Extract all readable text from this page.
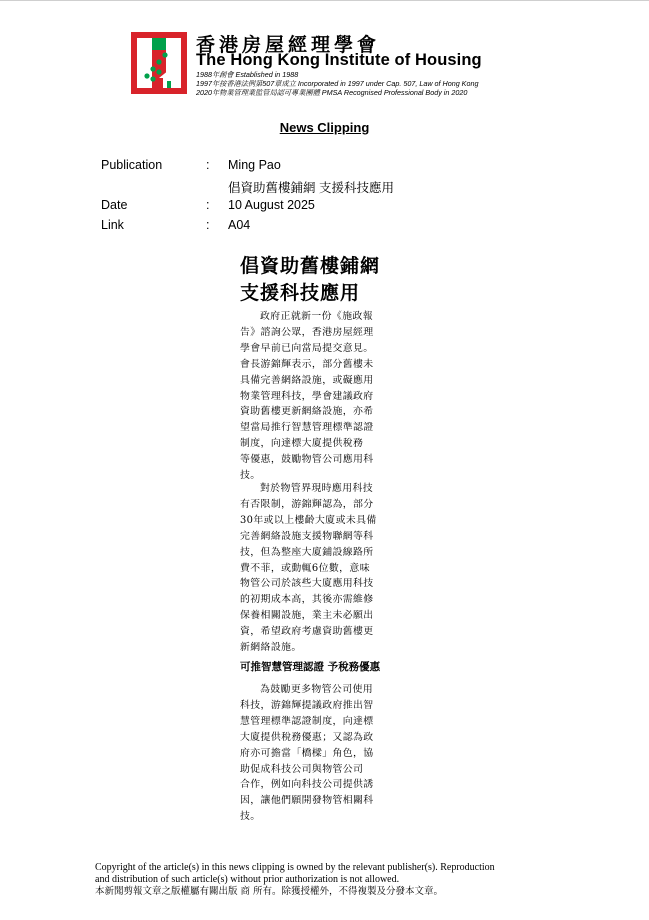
香港房屋經理學會
The Hong Kong Institute of Housing
1988年創會 Established in 1988
1997年按香港法例第507章成立 Incorporated in 1997 under Cap. 507, Law of Hong Kong
2020年物業管理業監管局認可專業團體 PMSA Recognised Professional Body in 2020
News Clipping
Publication	: Ming Pao
倡資助舊樓鋪網 支援科技應用
Date	: 10 August 2025
Link	: A04
倡資助舊樓鋪網
支援科技應用
政府正就新一份《施政報
告》諮詢公眾，香港房屋經理
學會早前已向當局提交意見。
會長游錦輝表示，部分舊樓未
具備完善網絡設施，或礙應用
物業管理科技，學會建議政府
資助舊樓更新網絡設施，亦希
望當局推行智慧管理標準認證
制度，向達標大廈提供稅務
等優惠，鼓勵物管公司應用科
技。
對於物管界現時應用科技
有否限制，游錦輝認為，部分
30年或以上樓齡大廈或未具備
完善網絡設施支援物聯網等科
技，但為整座大廈鋪設線路所
費不菲，或動輒6位數，意味
物管公司於該些大廈應用科技
的初期成本高，其後亦需維修
保養相關設施，業主未必願出
資，希望政府考慮資助舊樓更
新網絡設施。
可推智慧管理認證 予稅務優惠
為鼓勵更多物管公司使用
科技，游錦輝提議政府推出智
慧管理標準認證制度，向達標
大廈提供稅務優惠；又認為政
府亦可擔當「橋樑」角色，協
助促成科技公司與物管公司
合作，例如向科技公司提供誘
因，讓他們願開發物管相關科
技。
Copyright of the article(s) in this news clipping is owned by the relevant publisher(s). Reproduction
and distribution of such article(s) without prior authorization is not allowed.
本新聞剪報文章之版權屬有關出版 商 所有。除獲授權外，不得複製及分發本文章。
